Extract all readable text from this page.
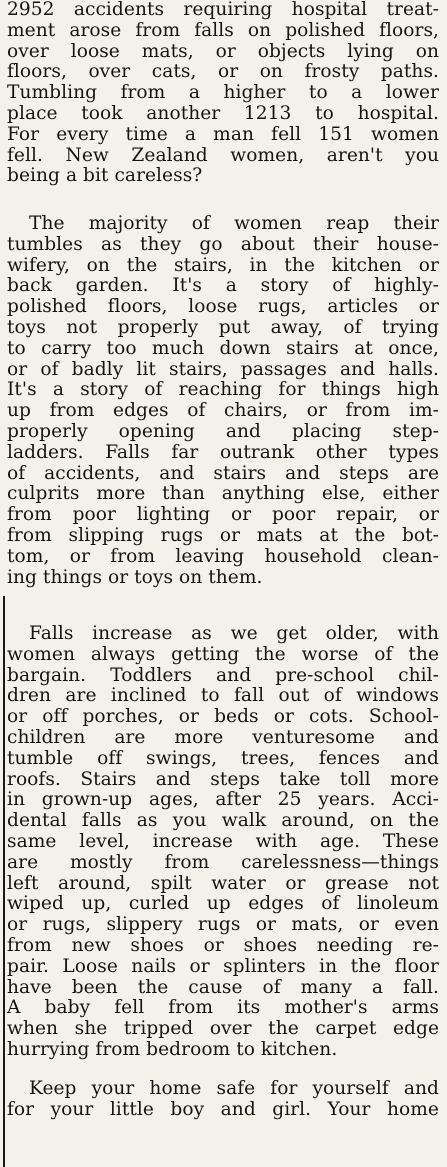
2952 accidents requiring hospital treat-
ment arose from falls on polished floors,
over loose mats, or objects lying on
floors, over cats, or on frosty paths.
Tumbling from a higher to a lower
place took another 1213 to hospital.
For every time a man fell 151 women
fell. New Zealand women, aren't you
being a bit careless?

The majority of women reap their
tumbles as they go about their house-
wifery, on the stairs, in the kitchen or
back garden. It's a story of highly-
polished floors, loose rugs, articles or
toys not properly put away, of trying
to carry too much down stairs at once,
or of badly lit stairs, passages and halls.
It's a story of reaching for things high
up from edges of chairs, or from im-
properly opening and placing step-
ladders. Falls far outrank other types
of accidents, and stairs and steps are
culprits more than anything else, either
from poor lighting or poor repair, or
from slipping rugs or mats at the bot-
tom, or from leaving household clean-
ing things or toys on them.

Falls increase as we get older, with
women always getting the worse of the
bargain. Toddlers and pre-school chil-
dren are inclined to fall out of windows
or off porches, or beds or cots. School-
children are more venturesome and
tumble off swings, trees, fences and
roofs. Stairs and steps take toll more
in grown-up ages, after 25 years. Acci-
dental falls as you walk around, on the
same level, increase with age. These
are mostly from carelessness—things
left around, spilt water or grease not
wiped up, curled up edges of linoleum
or rugs, slippery rugs or mats, or even
from new shoes or shoes needing re-
pair. Loose nails or splinters in the floor
have been the cause of many a fall.
A baby fell from its mother's arms
when she tripped over the carpet edge
hurrying from bedroom to kitchen.

Keep your home safe for yourself and
for your little boy and girl. Your home
